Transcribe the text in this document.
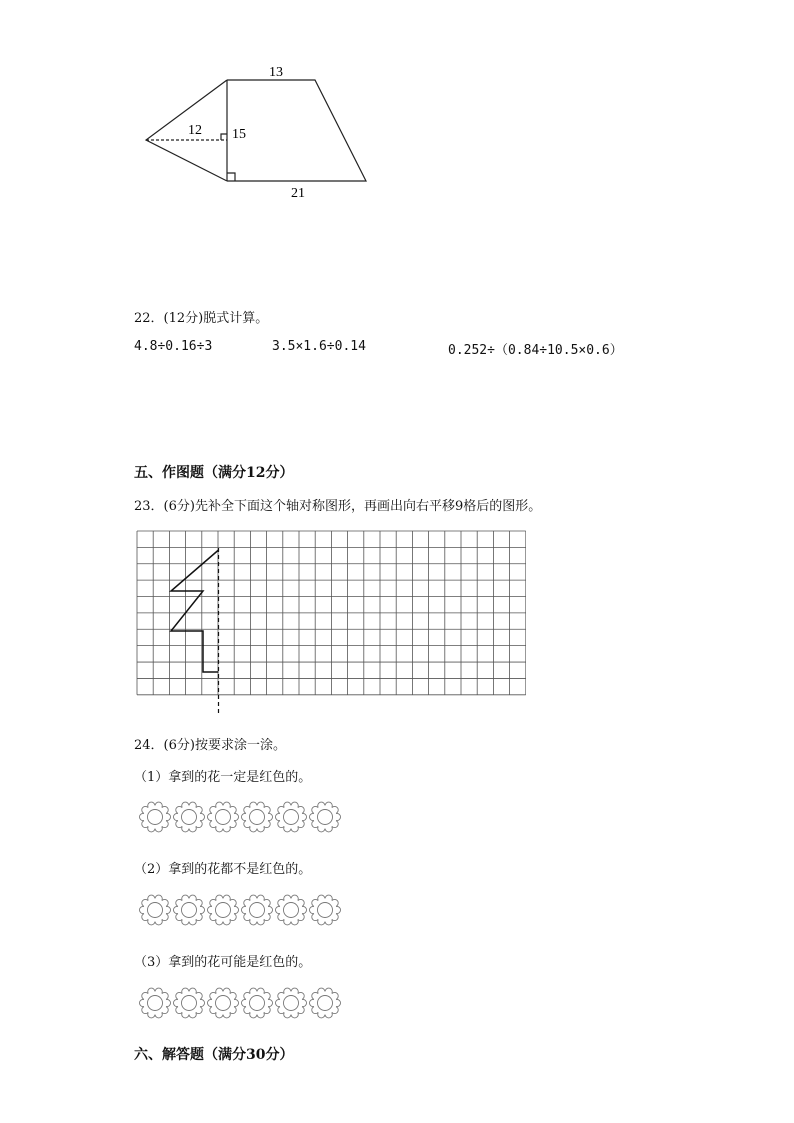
13
21
15
12
22．(12分)脱式计算。
4.8÷0.16÷3	3.5×1.6÷0.14	0.252÷（0.84÷10.5×0.6）
五、作图题（满分12分）
23．(6分)先补全下面这个轴对称图形，再画出向右平移9格后的图形。
24．(6分)按要求涂一涂。
（1）拿到的花一定是红色的。
（2）拿到的花都不是红色的。
（3）拿到的花可能是红色的。
六、解答题（满分30分）
